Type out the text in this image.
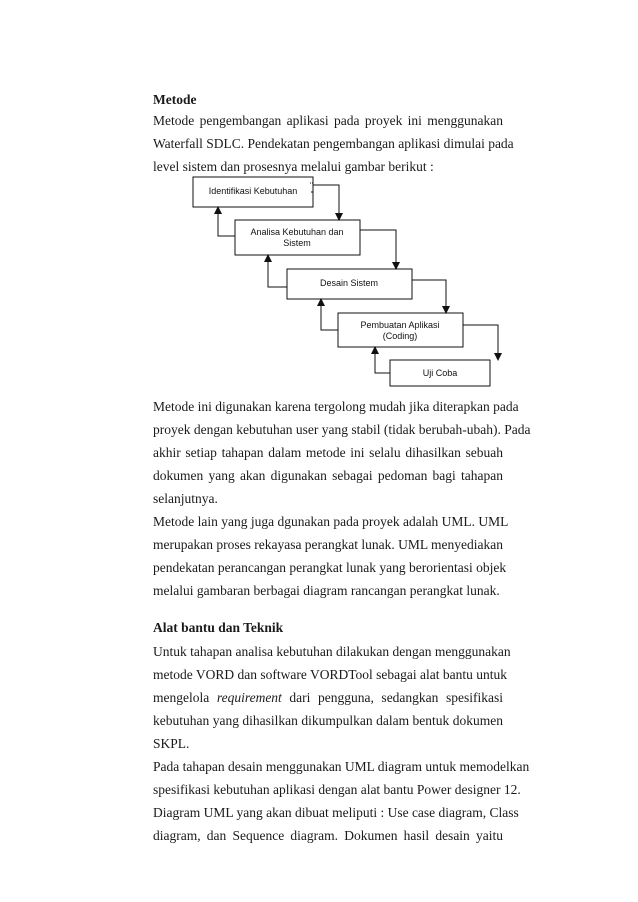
Metode
Metode pengembangan aplikasi pada proyek ini menggunakan
Waterfall SDLC. Pendekatan pengembangan aplikasi dimulai pada
level sistem dan prosesnya melalui gambar berikut :
Identifikasi Kebutuhan
Analisa Kebutuhan dan
Sistem
Desain Sistem
Pembuatan Aplikasi
(Coding)
Uji Coba
Metode ini digunakan karena tergolong mudah jika diterapkan pada
proyek dengan kebutuhan user yang stabil (tidak berubah-ubah). Pada
akhir setiap tahapan dalam metode ini selalu dihasilkan sebuah
dokumen yang akan digunakan sebagai pedoman bagi tahapan
selanjutnya.
Metode lain yang juga dgunakan pada proyek adalah UML. UML
merupakan proses rekayasa perangkat lunak. UML menyediakan
pendekatan perancangan perangkat lunak yang berorientasi objek
melalui gambaran berbagai diagram rancangan perangkat lunak.
Alat bantu dan Teknik
Untuk tahapan analisa kebutuhan dilakukan dengan menggunakan
metode VORD dan software VORDTool sebagai alat bantu untuk
mengelola requirement dari pengguna, sedangkan spesifikasi
kebutuhan yang dihasilkan dikumpulkan dalam bentuk dokumen
SKPL.
Pada tahapan desain menggunakan UML diagram untuk memodelkan
spesifikasi kebutuhan aplikasi dengan alat bantu Power designer 12.
Diagram UML yang akan dibuat meliputi : Use case diagram, Class
diagram, dan Sequence diagram. Dokumen hasil desain yaitu
